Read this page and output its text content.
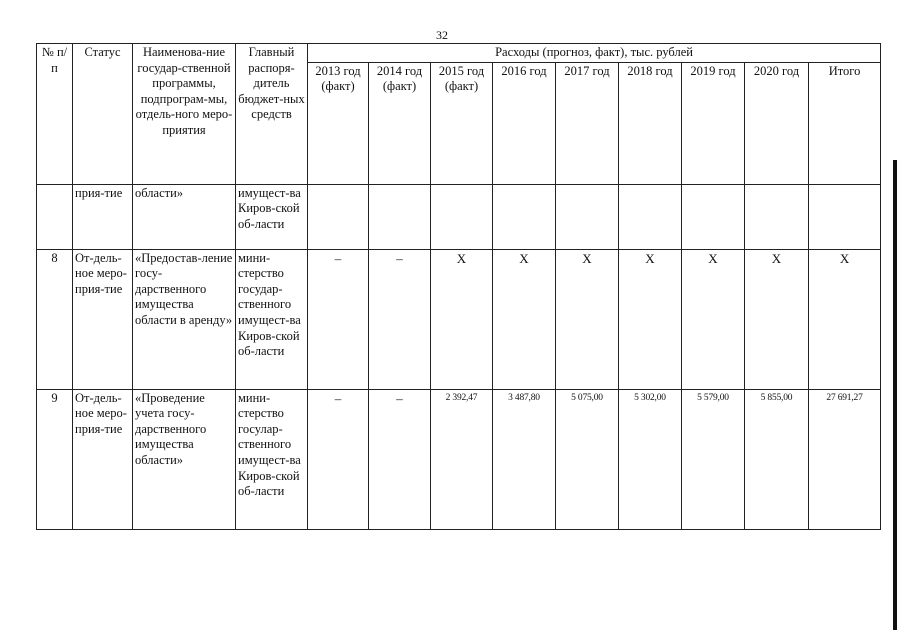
32
№ п/п	Статус	Наименова-ние государ-ственной программы, подпрограм-мы, отдель-ного меро-приятия	Главный распоря-дитель бюджет-ных средств	Расходы (прогноз, факт), тыс. рублей								
				2013 год (факт)	2014 год (факт)	2015 год (факт)	2016 год	2017 год	2018 год	2019 год	2020 год	Итого
	прия-тие	области»	имущест-ва Киров-ской об-ласти									
8	От-дель-ное меро-прия-тие	«Предостав-ление госу-дарственного имущества области в аренду»	мини-стерство государ-ственного имущест-ва Киров-ской об-ласти	–	–	X	X	X	X	X	X	X
9	От-дель-ное меро-прия-тие	«Проведение учета госу-дарственного имущества области»	мини-стерство госулар-ственного имущест-ва Киров-ской об-ласти	–	–	2 392,47	3 487,80	5 075,00	5 302,00	5 579,00	5 855,00	27 691,27
